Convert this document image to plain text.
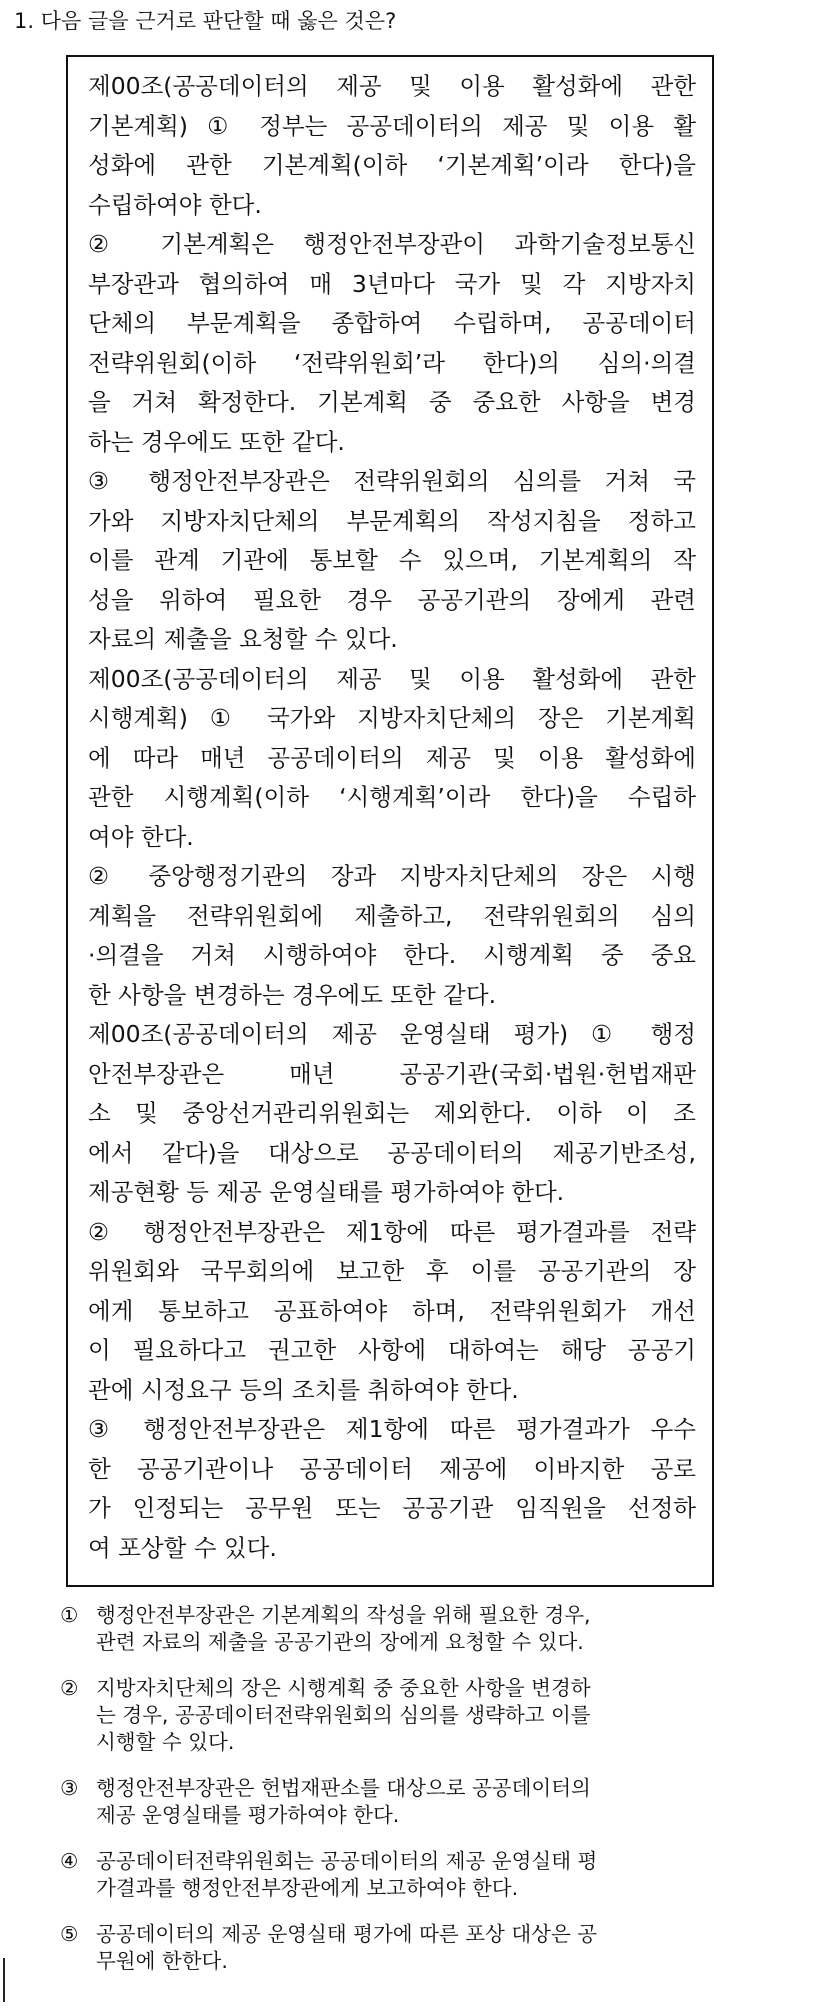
1. 다음 글을 근거로 판단할 때 옳은 것은?
제00조(공공데이터의 제공 및 이용 활성화에 관한
기본계획) ① 정부는 공공데이터의 제공 및 이용 활
성화에 관한 기본계획(이하 ‘기본계획’이라 한다)을
수립하여야 한다.
② 기본계획은 행정안전부장관이 과학기술정보통신
부장관과 협의하여 매 3년마다 국가 및 각 지방자치
단체의 부문계획을 종합하여 수립하며, 공공데이터
전략위원회(이하 ‘전략위원회’라 한다)의 심의·의결
을 거쳐 확정한다. 기본계획 중 중요한 사항을 변경
하는 경우에도 또한 같다.
③ 행정안전부장관은 전략위원회의 심의를 거쳐 국
가와 지방자치단체의 부문계획의 작성지침을 정하고
이를 관계 기관에 통보할 수 있으며, 기본계획의 작
성을 위하여 필요한 경우 공공기관의 장에게 관련
자료의 제출을 요청할 수 있다.
제00조(공공데이터의 제공 및 이용 활성화에 관한
시행계획) ① 국가와 지방자치단체의 장은 기본계획
에 따라 매년 공공데이터의 제공 및 이용 활성화에
관한 시행계획(이하 ‘시행계획’이라 한다)을 수립하
여야 한다.
② 중앙행정기관의 장과 지방자치단체의 장은 시행
계획을 전략위원회에 제출하고, 전략위원회의 심의
·의결을 거쳐 시행하여야 한다. 시행계획 중 중요
한 사항을 변경하는 경우에도 또한 같다.
제00조(공공데이터의 제공 운영실태 평가) ① 행정
안전부장관은 매년 공공기관(국회·법원·헌법재판
소 및 중앙선거관리위원회는 제외한다. 이하 이 조
에서 같다)을 대상으로 공공데이터의 제공기반조성,
제공현황 등 제공 운영실태를 평가하여야 한다.
② 행정안전부장관은 제1항에 따른 평가결과를 전략
위원회와 국무회의에 보고한 후 이를 공공기관의 장
에게 통보하고 공표하여야 하며, 전략위원회가 개선
이 필요하다고 권고한 사항에 대하여는 해당 공공기
관에 시정요구 등의 조치를 취하여야 한다.
③ 행정안전부장관은 제1항에 따른 평가결과가 우수
한 공공기관이나 공공데이터 제공에 이바지한 공로
가 인정되는 공무원 또는 공공기관 임직원을 선정하
여 포상할 수 있다.
① 행정안전부장관은 기본계획의 작성을 위해 필요한 경우,
관련 자료의 제출을 공공기관의 장에게 요청할 수 있다.
② 지방자치단체의 장은 시행계획 중 중요한 사항을 변경하
는 경우, 공공데이터전략위원회의 심의를 생략하고 이를
시행할 수 있다.
③ 행정안전부장관은 헌법재판소를 대상으로 공공데이터의
제공 운영실태를 평가하여야 한다.
④ 공공데이터전략위원회는 공공데이터의 제공 운영실태 평
가결과를 행정안전부장관에게 보고하여야 한다.
⑤ 공공데이터의 제공 운영실태 평가에 따른 포상 대상은 공
무원에 한한다.
